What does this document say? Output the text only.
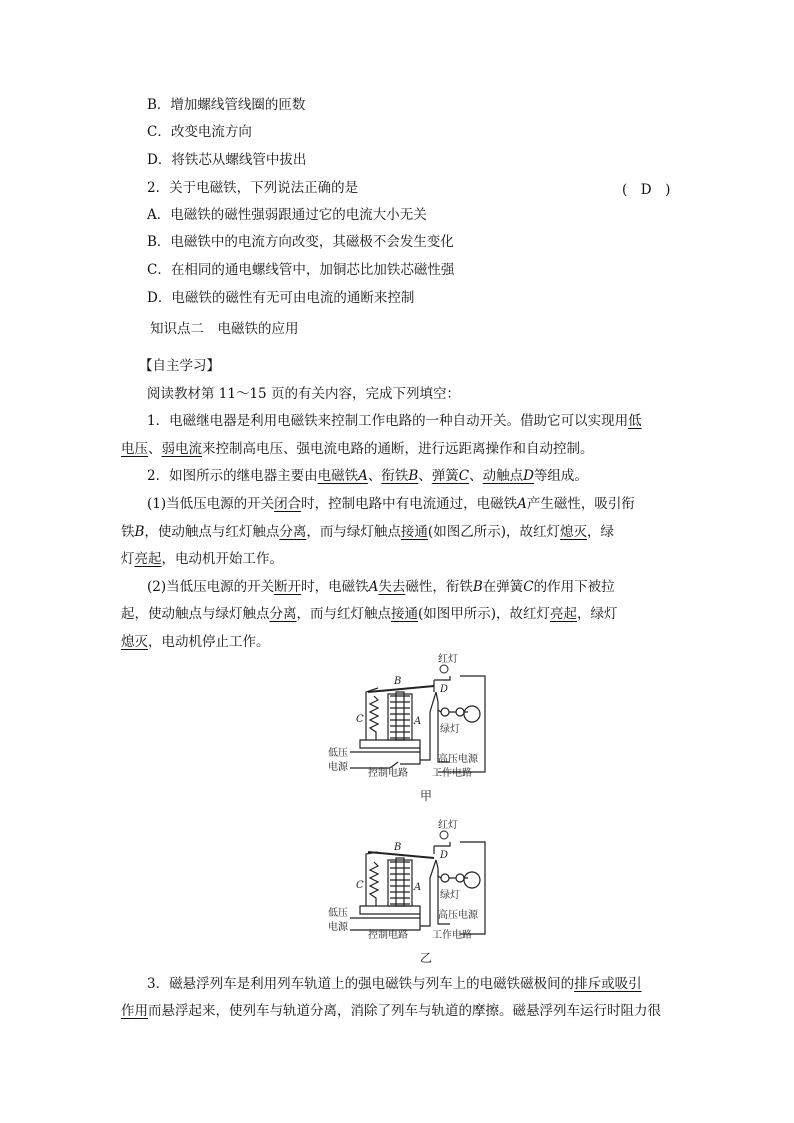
B．增加螺线管线圈的匝数
C．改变电流方向
D．将铁芯从螺线管中拔出
2．关于电磁铁，下列说法正确的是	(　D　)
A．电磁铁的磁性强弱跟通过它的电流大小无关
B．电磁铁中的电流方向改变，其磁极不会发生变化
C．在相同的通电螺线管中，加铜芯比加铁芯磁性强
D．电磁铁的磁性有无可由电流的通断来控制
知识点二　电磁铁的应用
【自主学习】
阅读教材第 11～15 页的有关内容，完成下列填空：
1．电磁继电器是利用电磁铁来控制工作电路的一种自动开关。借助它可以实现用低
电压、弱电流来控制高电压、强电流电路的通断，进行远距离操作和自动控制。
2．如图所示的继电器主要由电磁铁A、衔铁B、弹簧C、动触点D等组成。
(1)当低压电源的开关闭合时，控制电路中有电流通过，电磁铁A产生磁性，吸引衔
铁B，使动触点与红灯触点分离，而与绿灯触点接通(如图乙所示)，故红灯熄灭，绿
灯亮起，电动机开始工作。
(2)当低压电源的开关断开时，电磁铁A失去磁性，衔铁B在弹簧C的作用下被拉
起，使动触点与绿灯触点分离，而与红灯触点接通(如图甲所示)，故红灯亮起，绿灯
熄灭，电动机停止工作。
红灯
绿灯
低压
电源
高压电源
控制电路 工作电路
B
C	A
D
甲
红灯
绿灯
低压
电源
高压电源
控制电路 工作电路
B
C	A
D
乙
3．磁悬浮列车是利用列车轨道上的强电磁铁与列车上的电磁铁磁极间的排斥或吸引
作用而悬浮起来，使列车与轨道分离，消除了列车与轨道的摩擦。磁悬浮列车运行时阻力很
